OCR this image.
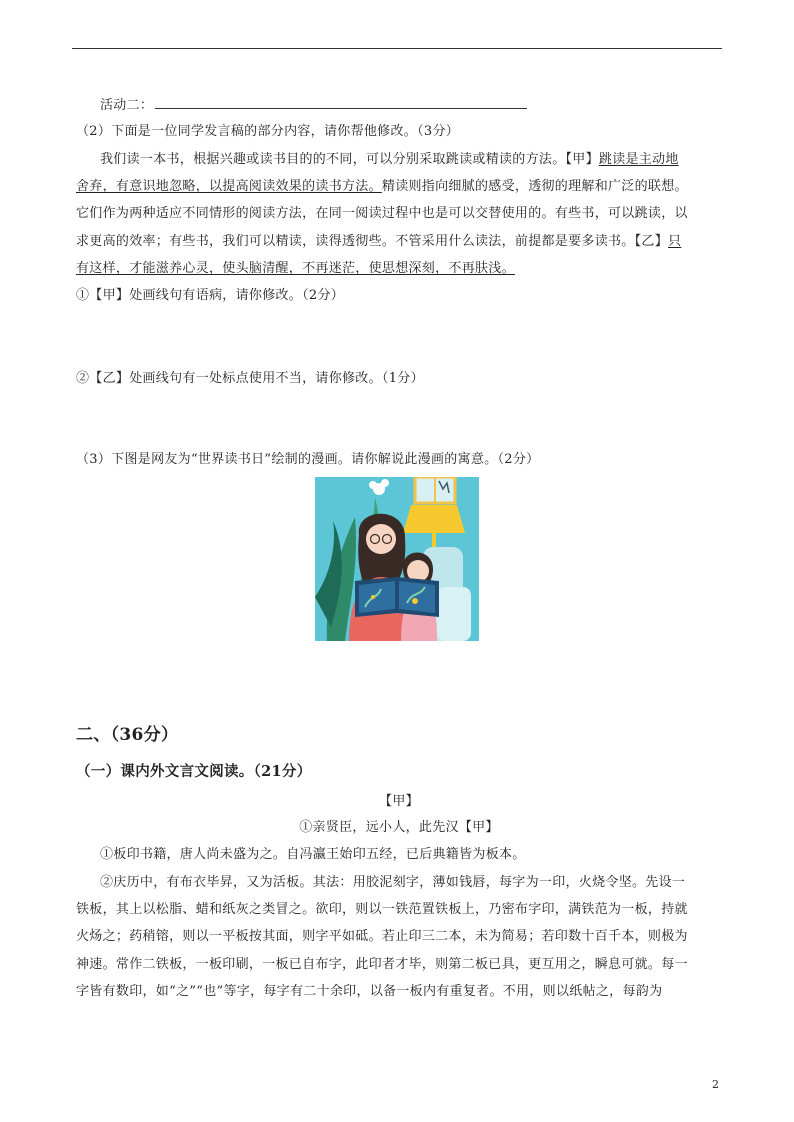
活动二：
（2）下面是一位同学发言稿的部分内容，请你帮他修改。（3分）
我们读一本书，根据兴趣或读书目的的不同，可以分别采取跳读或精读的方法。【甲】跳读是主动地
舍弃，有意识地忽略，以提高阅读效果的读书方法。精读则指向细腻的感受，透彻的理解和广泛的联想。
它们作为两种适应不同情形的阅读方法，在同一阅读过程中也是可以交替使用的。有些书，可以跳读，以
求更高的效率；有些书，我们可以精读，读得透彻些。不管采用什么读法，前提都是要多读书。【乙】只
有这样，才能滋养心灵，使头脑清醒，不再迷茫，使思想深刻，不再肤浅。
①【甲】处画线句有语病，请你修改。（2分）
②【乙】处画线句有一处标点使用不当，请你修改。（1分）
（3）下图是网友为“世界读书日”绘制的漫画。请你解说此漫画的寓意。（2分）
二、（36分）
（一）课内外文言文阅读。（21分）
【甲】
①亲贤臣，远小人，此先汉【甲】
①板印书籍，唐人尚未盛为之。自冯瀛王始印五经，已后典籍皆为板本。
②庆历中，有布衣毕昇，又为活板。其法：用胶泥刻字，薄如钱唇，每字为一印，火烧令坚。先设一
铁板，其上以松脂、蜡和纸灰之类冒之。欲印，则以一铁范置铁板上，乃密布字印，满铁范为一板，持就
火炀之；药稍镕，则以一平板按其面，则字平如砥。若止印三二本，未为简易；若印数十百千本，则极为
神速。常作二铁板，一板印刷，一板已自布字，此印者才毕，则第二板已具，更互用之，瞬息可就。每一
字皆有数印，如“之”“也”等字，每字有二十余印，以备一板内有重复者。不用，则以纸帖之，每韵为
2
